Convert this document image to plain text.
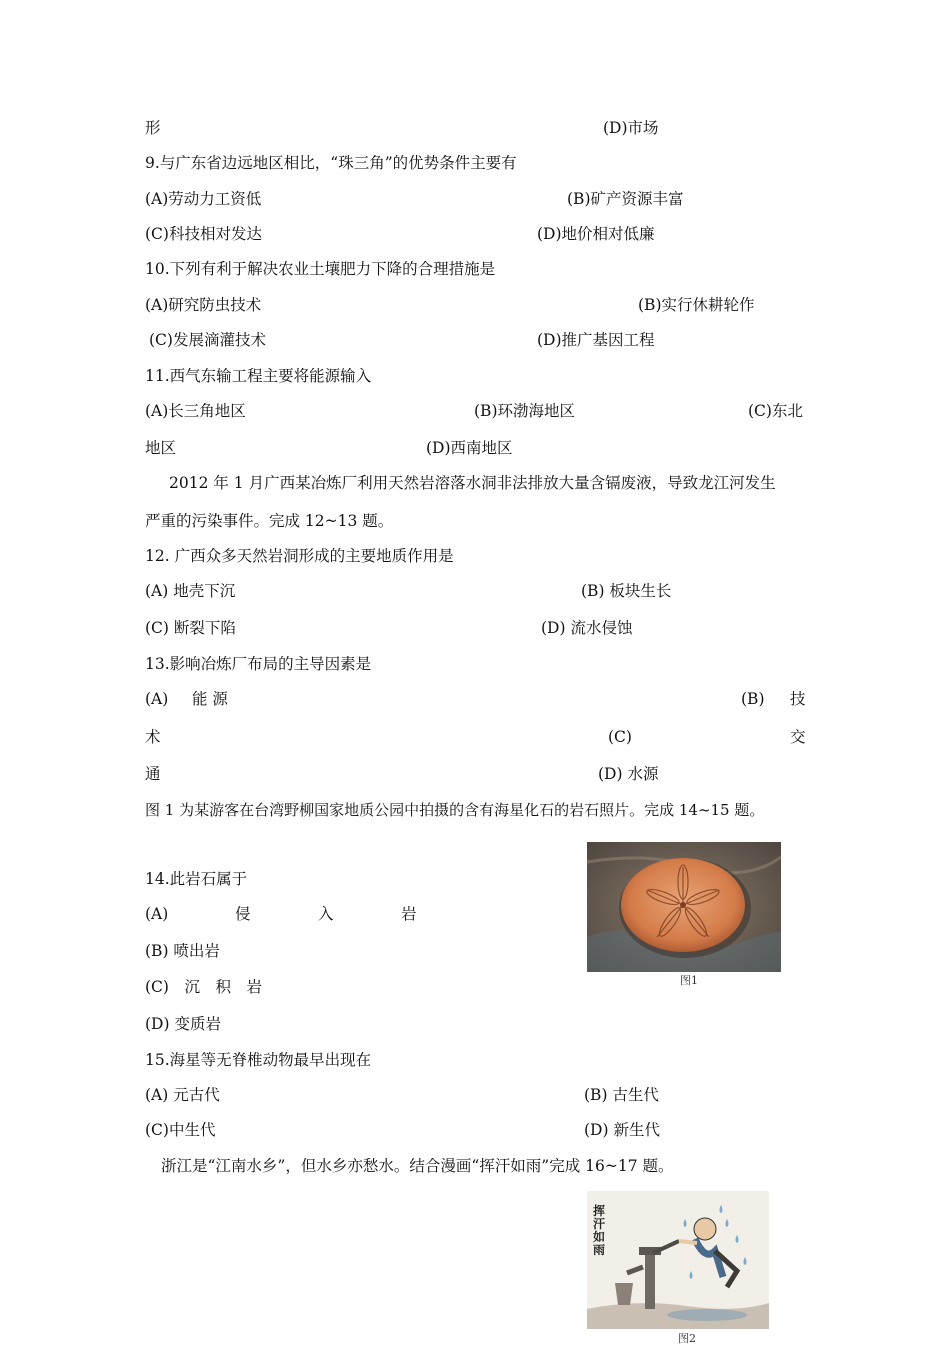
形	(D)市场
9.与广东省边远地区相比，“珠三角”的优势条件主要有
(A)劳动力工资低	(B)矿产资源丰富
(C)科技相对发达	(D)地价相对低廉
10.下列有利于解决农业土壤肥力下降的合理措施是
(A)研究防虫技术	(B)实行休耕轮作
(C)发展滴灌技术	(D)推广基因工程
11.西气东输工程主要将能源输入
(A)长三角地区	(B)环渤海地区	(C)东北
地区	(D)西南地区
2012 年 1 月广西某冶炼厂利用天然岩溶落水洞非法排放大量含镉废液，导致龙江河发生
严重的污染事件。完成 12~13 题。
12. 广西众多天然岩洞形成的主要地质作用是
(A) 地壳下沉	(B) 板块生长
(C) 断裂下陷	(D) 流水侵蚀
13.影响冶炼厂布局的主导因素是
(A) 能 源	(B) 技
术	(C)	交
通	(D) 水源
图 1 为某游客在台湾野柳国家地质公园中拍摄的含有海星化石的岩石照片。完成 14~15 题。
14.此岩石属于
(A)	侵	入	岩
(B) 喷出岩
(C)　沉　积　岩
(D) 变质岩
图1
15.海星等无脊椎动物最早出现在
(A) 元古代	(B) 古生代
(C)中生代	(D) 新生代
浙江是“江南水乡”，但水乡亦愁水。结合漫画“挥汗如雨”完成 16~17 题。
挥汗如雨
图2
